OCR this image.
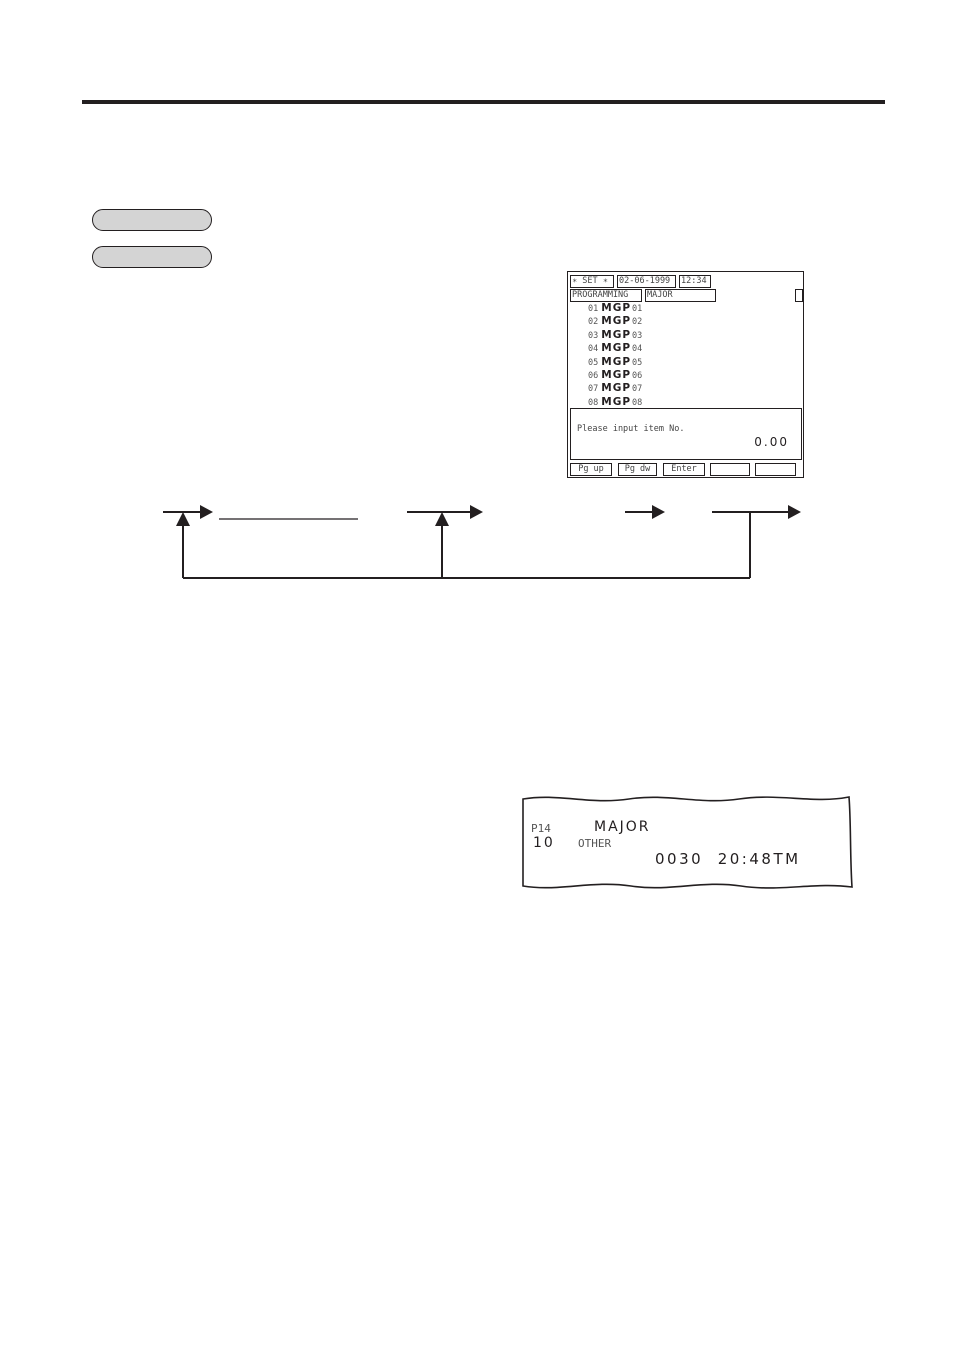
∗ SET ∗	02-06-1999	12:34
PROGRAMMING	MAJOR
01 MGP01
02 MGP02
03 MGP03
04 MGP04
05 MGP05
06 MGP06
07 MGP07
08 MGP08
Please input item No.
0.00
Pg up	Pg dw	Enter
P14	MAJOR
10 OTHER
0030  20:48TM
